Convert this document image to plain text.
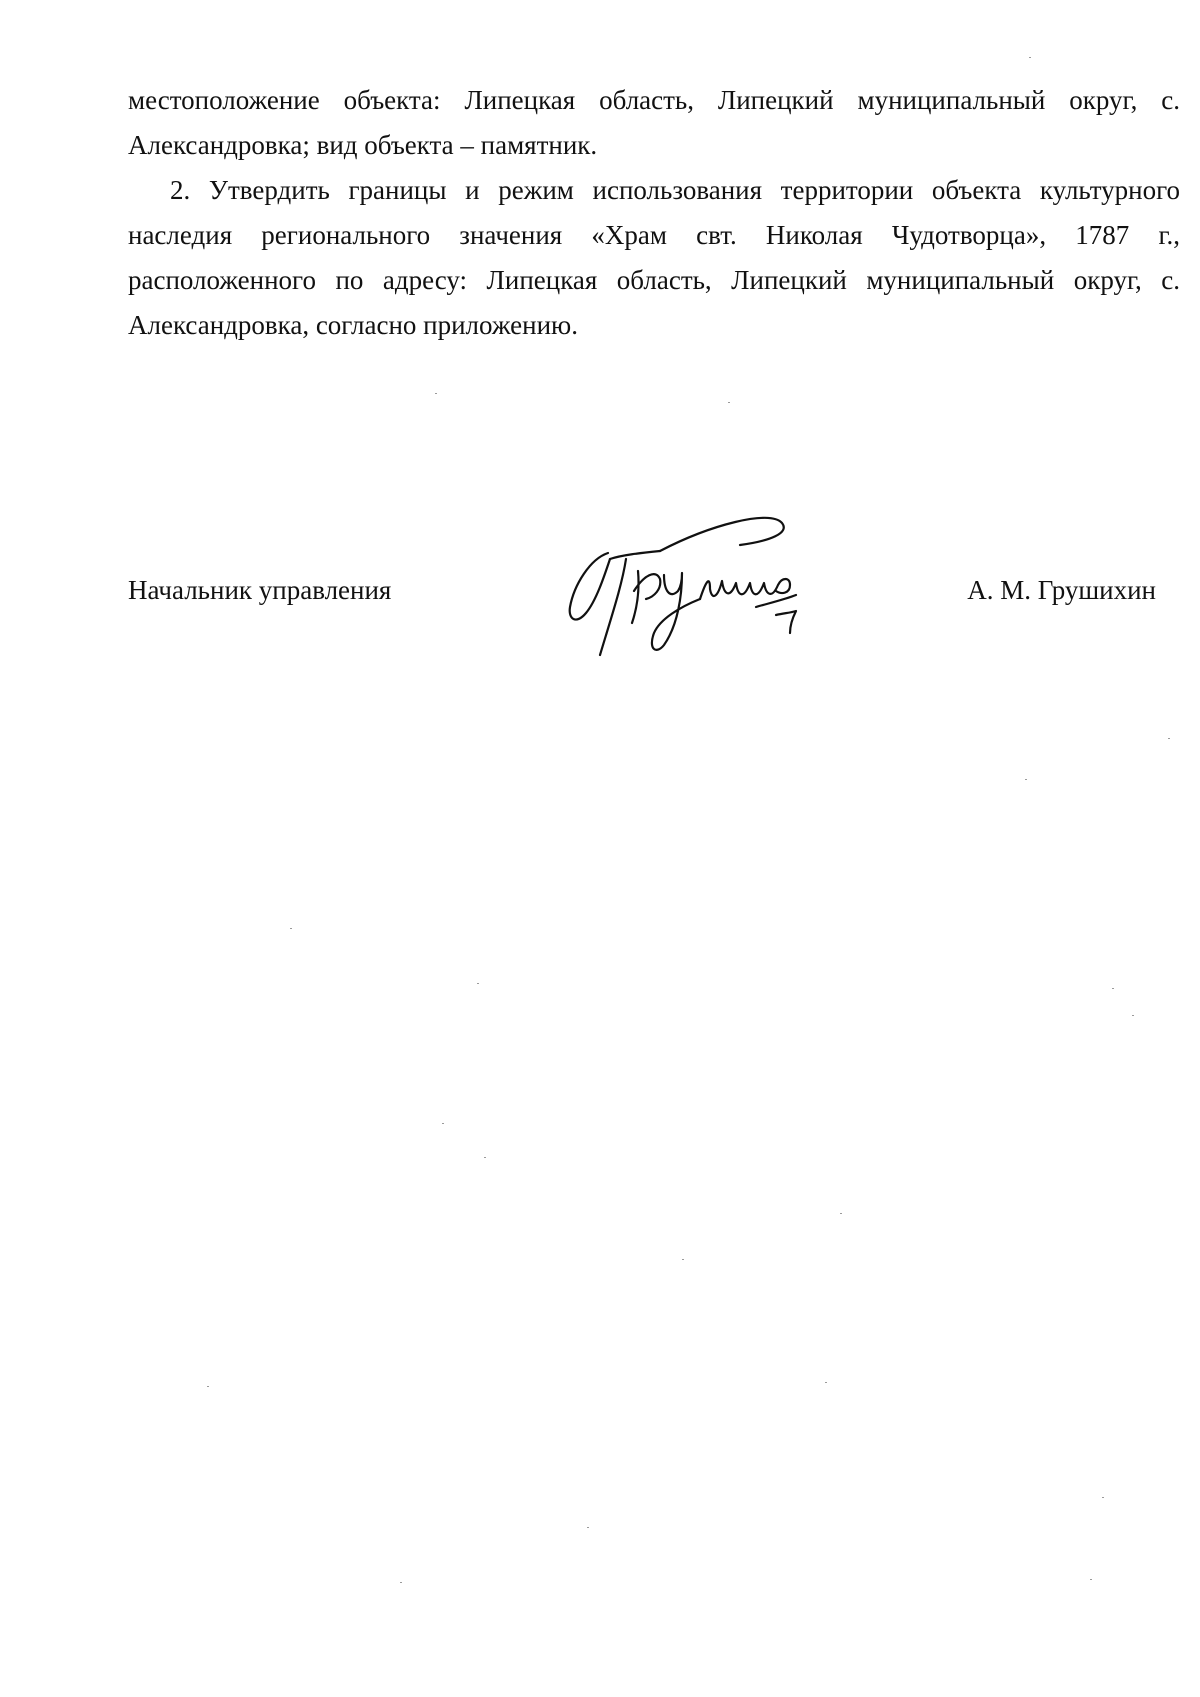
местоположение объекта: Липецкая область, Липецкий муниципальный округ, с. Александровка; вид объекта – памятник.

2. Утвердить границы и режим использования территории объекта культурного наследия регионального значения «Храм свт. Николая Чудотворца», 1787 г., расположенного по адресу: Липецкая область, Липецкий муниципальный округ, с. Александровка, согласно приложению.

Начальник управления	А. М. Грушихин
